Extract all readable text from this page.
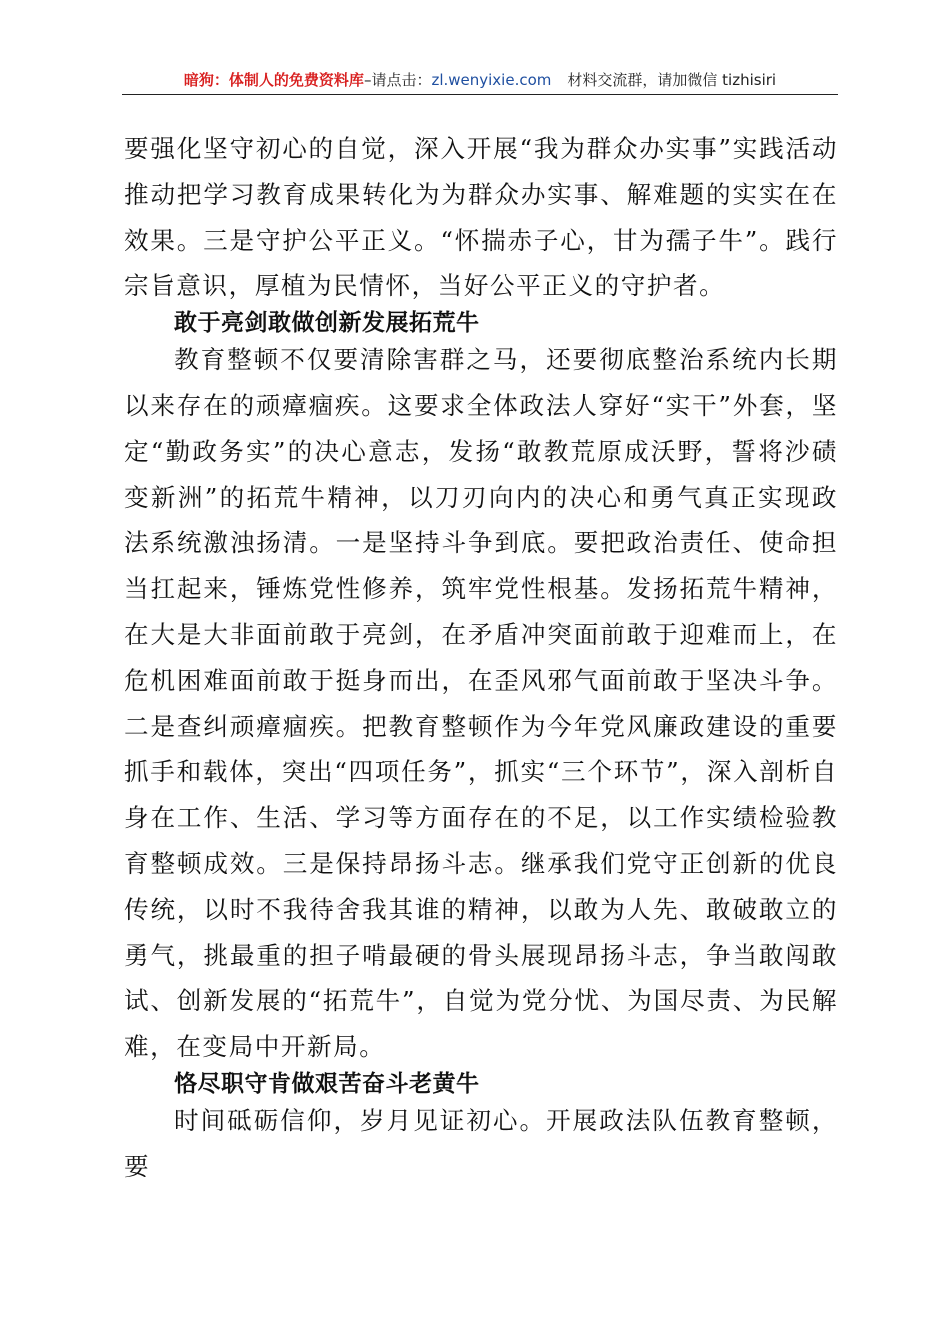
暗狗：体制人的免费资料库–请点击：zl.wenyixie.com 材料交流群，请加微信 tizhisiri

要强化坚守初心的自觉，深入开展“我为群众办实事”实践活动推动把学习教育成果转化为为群众办实事、解难题的实实在在效果。三是守护公平正义。“怀揣赤子心，甘为孺子牛”。践行宗旨意识，厚植为民情怀，当好公平正义的守护者。

敢于亮剑敢做创新发展拓荒牛

教育整顿不仅要清除害群之马，还要彻底整治系统内长期以来存在的顽瘴痼疾。这要求全体政法人穿好“实干”外套，坚定“勤政务实”的决心意志，发扬“敢教荒原成沃野，誓将沙碛变新洲”的拓荒牛精神，以刀刃向内的决心和勇气真正实现政法系统激浊扬清。一是坚持斗争到底。要把政治责任、使命担当扛起来，锤炼党性修养，筑牢党性根基。发扬拓荒牛精神，在大是大非面前敢于亮剑，在矛盾冲突面前敢于迎难而上，在危机困难面前敢于挺身而出，在歪风邪气面前敢于坚决斗争。二是查纠顽瘴痼疾。把教育整顿作为今年党风廉政建设的重要抓手和载体，突出“四项任务”，抓实“三个环节”，深入剖析自身在工作、生活、学习等方面存在的不足，以工作实绩检验教育整顿成效。三是保持昂扬斗志。继承我们党守正创新的优良传统，以时不我待舍我其谁的精神，以敢为人先、敢破敢立的勇气，挑最重的担子啃最硬的骨头展现昂扬斗志，争当敢闯敢试、创新发展的“拓荒牛”，自觉为党分忧、为国尽责、为民解难，在变局中开新局。

恪尽职守肯做艰苦奋斗老黄牛

时间砥砺信仰，岁月见证初心。开展政法队伍教育整顿，要
